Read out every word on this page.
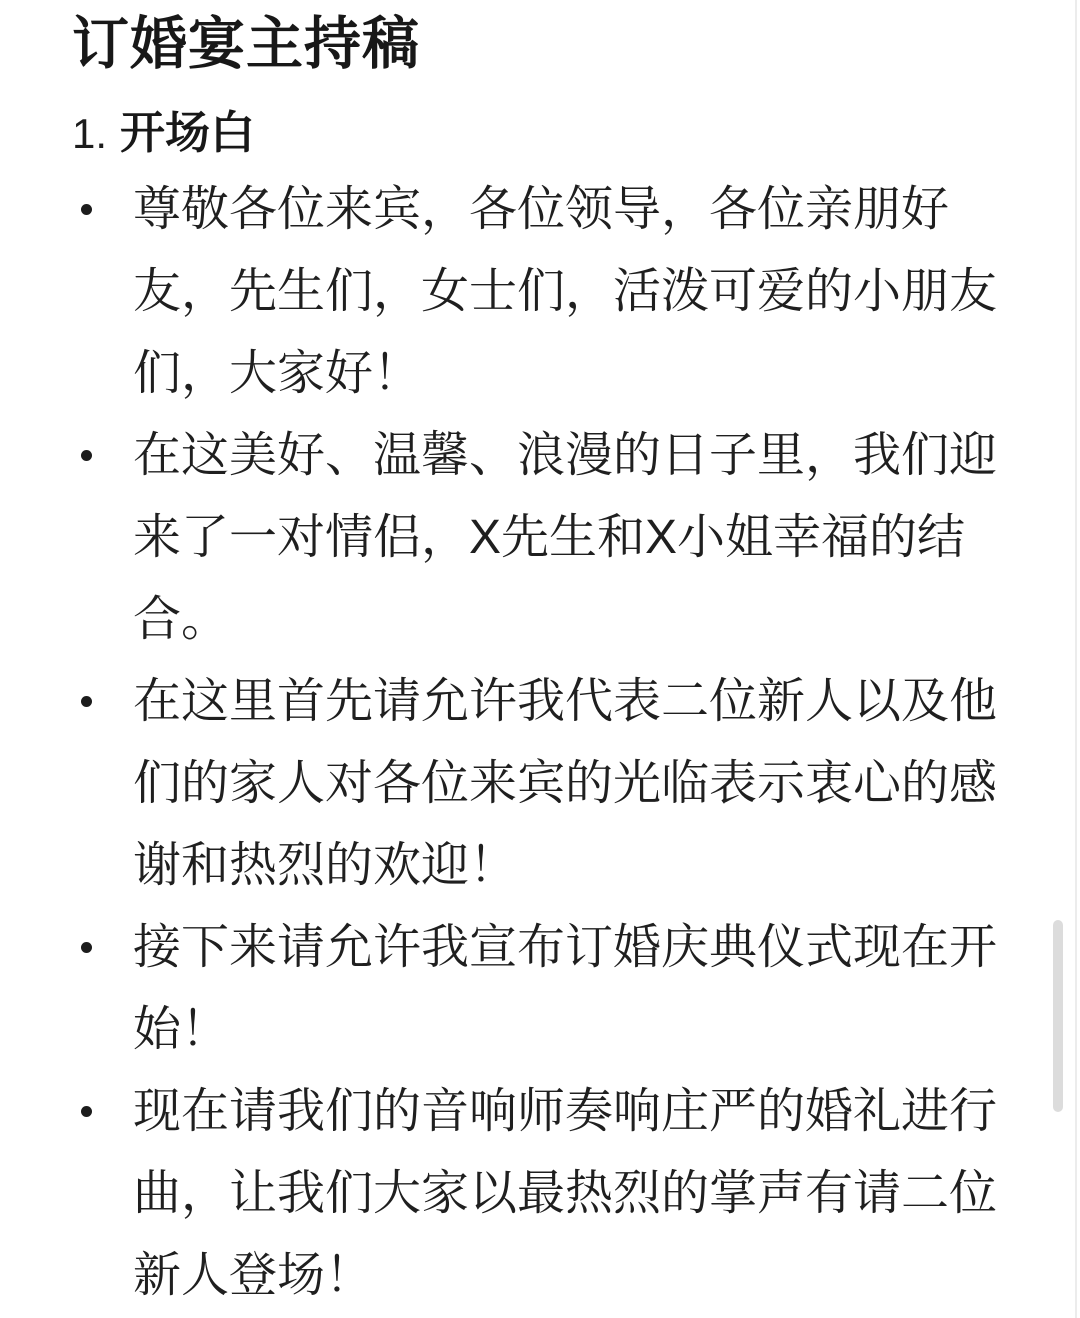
订婚宴主持稿
1. 开场白
尊敬各位来宾，各位领导，各位亲朋好友，先生们，女士们，活泼可爱的小朋友们，大家好！
在这美好、温馨、浪漫的日子里，我们迎来了一对情侣，X先生和X小姐幸福的结合。
在这里首先请允许我代表二位新人以及他们的家人对各位来宾的光临表示衷心的感谢和热烈的欢迎！
接下来请允许我宣布订婚庆典仪式现在开始！
现在请我们的音响师奏响庄严的婚礼进行曲，让我们大家以最热烈的掌声有请二位新人登场！
